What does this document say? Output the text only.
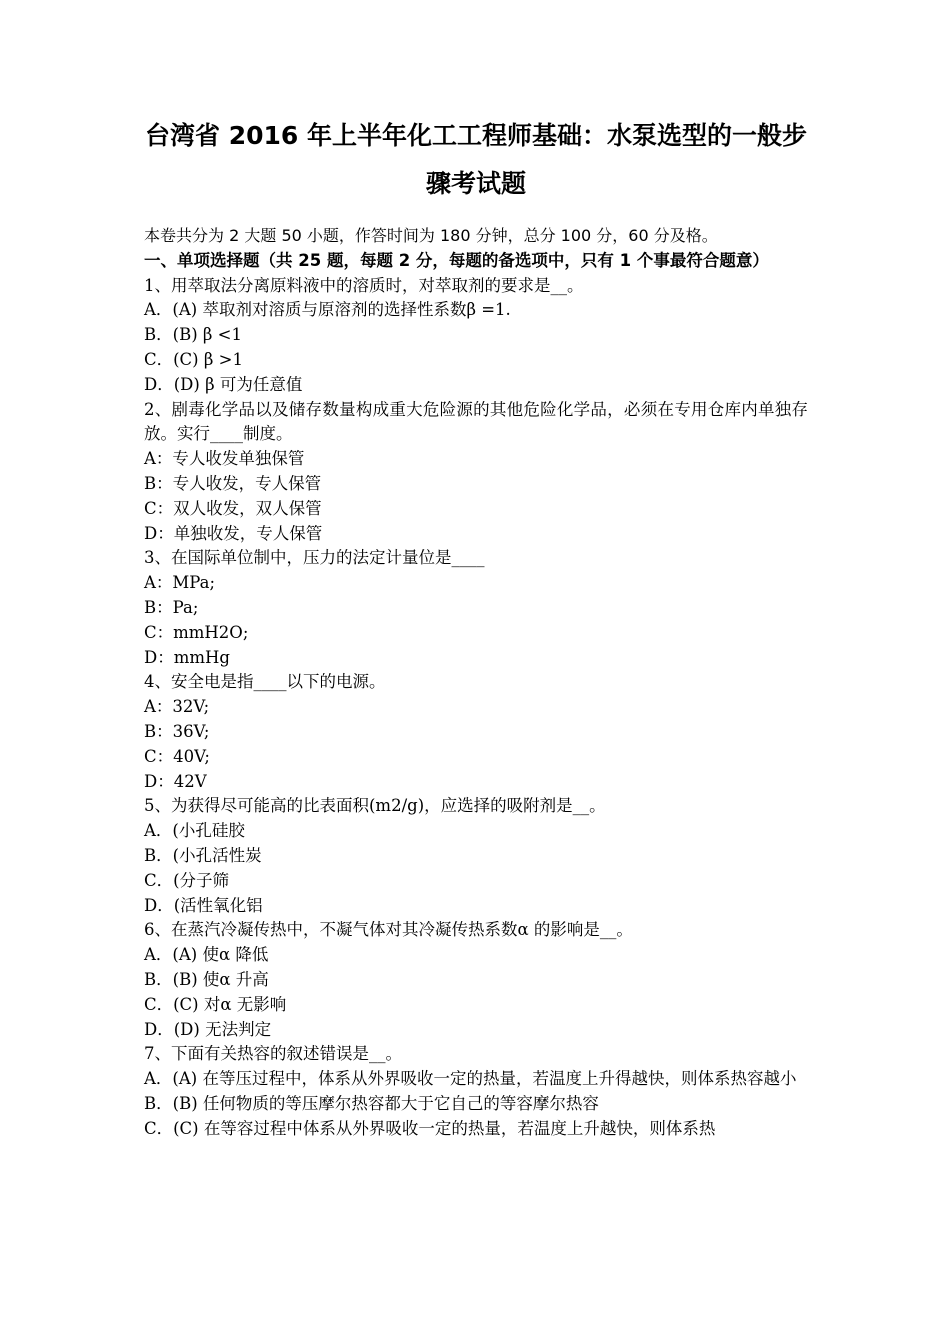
台湾省 2016 年上半年化工工程师基础：水泵选型的一般步
骤考试题

本卷共分为 2 大题 50 小题，作答时间为 180 分钟，总分 100 分，60 分及格。

一、单项选择题（共 25 题，每题 2 分，每题的备选项中，只有 1 个事最符合题意）

1、用萃取法分离原料液中的溶质时，对萃取剂的要求是__。

A．(A) 萃取剂对溶质与原溶剂的选择性系数β =1.

B．(B) β <1

C．(C) β >1

D．(D) β 可为任意值

2、剧毒化学品以及储存数量构成重大危险源的其他危险化学品，必须在专用仓库内单独存放。实行____制度。

A：专人收发单独保管

B：专人收发，专人保管

C：双人收发，双人保管

D：单独收发，专人保管

3、在国际单位制中，压力的法定计量位是____

A：MPa;

B：Pa;

C：mmH2O;

D：mmHg

4、安全电是指____以下的电源。

A：32V;

B：36V;

C：40V;

D：42V

5、为获得尽可能高的比表面积(m2/g)，应选择的吸附剂是__。

A．(小孔硅胶

B．(小孔活性炭

C．(分子筛

D．(活性氧化铝

6、在蒸汽冷凝传热中，不凝气体对其冷凝传热系数α 的影响是__。

A．(A) 使α 降低

B．(B) 使α 升高

C．(C) 对α 无影响

D．(D) 无法判定

7、下面有关热容的叙述错误是__。

A．(A) 在等压过程中，体系从外界吸收一定的热量，若温度上升得越快，则体系热容越小

B．(B) 任何物质的等压摩尔热容都大于它自己的等容摩尔热容

C．(C) 在等容过程中体系从外界吸收一定的热量，若温度上升越快，则体系热
